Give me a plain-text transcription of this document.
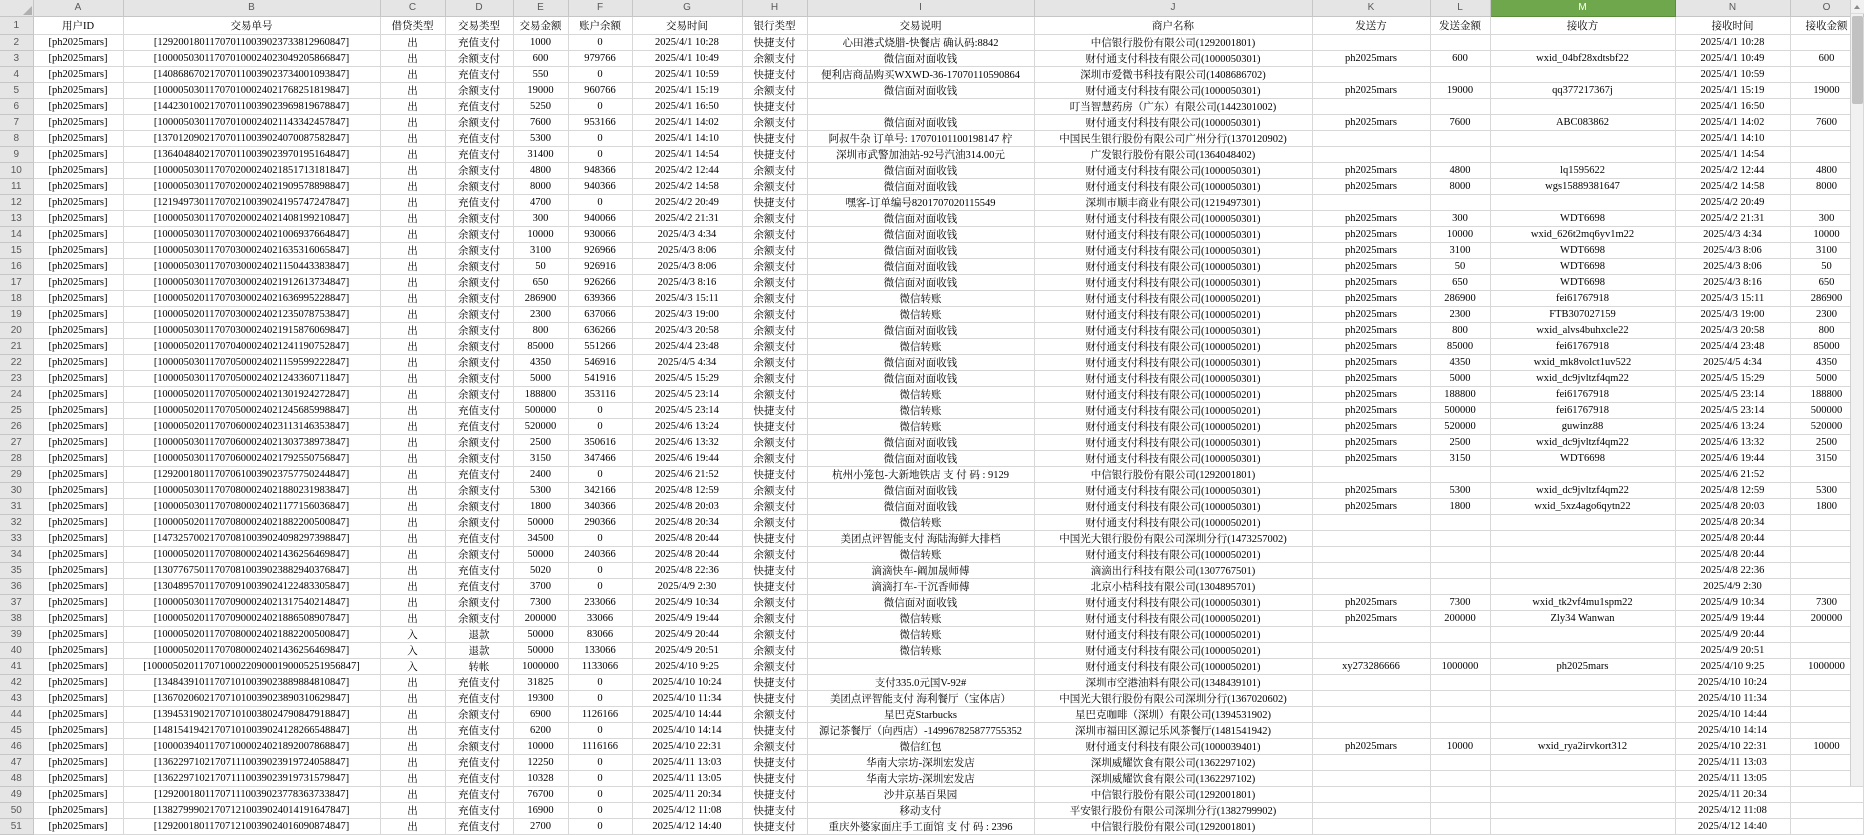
	A	B	C	D	E	F	G	H	I	J	K	L	M	N	O
1	用户ID	交易单号	借贷类型	交易类型	交易金额	账户余额	交易时间	银行类型	交易说明	商户名称	发送方	发送金额	接收方	接收时间	接收金额
2	[ph2025mars]	[129200180117070110039023733812960847]	出	充值支付	1000	0	2025/4/1 10:28	快捷支付	心田港式烧腊-快餐店 确认码:8842	中信银行股份有限公司(1292001801)				2025/4/1 10:28	
3	[ph2025mars]	[100005030117070100024023049205866847]	出	余额支付	600	979766	2025/4/1 10:49	余额支付	微信面对面收钱	财付通支付科技有限公司(1000050301)	ph2025mars	600	wxid_04bf28xdtsbf22	2025/4/1 10:49	600
4	[ph2025mars]	[140868670217070110039023734001093847]	出	充值支付	550	0	2025/4/1 10:59	快捷支付	便利店商品购买WXWD-36-17070110590864	深圳市爱微书科技有限公司(1408686702)				2025/4/1 10:59	
5	[ph2025mars]	[100005030117070100024021768251819847]	出	余额支付	19000	960766	2025/4/1 15:19	余额支付	微信面对面收钱	财付通支付科技有限公司(1000050301)	ph2025mars	19000	qq377217367j	2025/4/1 15:19	19000
6	[ph2025mars]	[144230100217070110039023969819678847]	出	充值支付	5250	0	2025/4/1 16:50	快捷支付		叮当智慧药房（广东）有限公司(1442301002)				2025/4/1 16:50	
7	[ph2025mars]	[100005030117070100024021143342457847]	出	余额支付	7600	953166	2025/4/1 14:02	余额支付	微信面对面收钱	财付通支付科技有限公司(1000050301)	ph2025mars	7600	ABC083862	2025/4/1 14:02	7600
8	[ph2025mars]	[137012090217070110039024070087582847]	出	充值支付	5300	0	2025/4/1 14:10	快捷支付	阿叔牛杂 订单号: 17070101100198147 柠	中国民生银行股份有限公司广州分行(1370120902)				2025/4/1 14:10	
9	[ph2025mars]	[136404840217070110039023970195164847]	出	充值支付	31400	0	2025/4/1 14:54	快捷支付	深圳市武警加油站-92号汽油314.00元	广发银行股份有限公司(1364048402)				2025/4/1 14:54	
10	[ph2025mars]	[100005030117070200024021851713181847]	出	余额支付	4800	948366	2025/4/2 12:44	余额支付	微信面对面收钱	财付通支付科技有限公司(1000050301)	ph2025mars	4800	lq1595622	2025/4/2 12:44	4800
11	[ph2025mars]	[100005030117070200024021909578898847]	出	余额支付	8000	940366	2025/4/2 14:58	余额支付	微信面对面收钱	财付通支付科技有限公司(1000050301)	ph2025mars	8000	wgs15889381647	2025/4/2 14:58	8000
12	[ph2025mars]	[121949730117070210039024195747247847]	出	充值支付	4700	0	2025/4/2 20:49	快捷支付	嘿客-订单编号8201707020115549	深圳市顺丰商业有限公司(1219497301)				2025/4/2 20:49	
13	[ph2025mars]	[100005030117070200024021408199210847]	出	余额支付	300	940066	2025/4/2 21:31	余额支付	微信面对面收钱	财付通支付科技有限公司(1000050301)	ph2025mars	300	WDT6698	2025/4/2 21:31	300
14	[ph2025mars]	[100005030117070300024021006937664847]	出	余额支付	10000	930066	2025/4/3 4:34	余额支付	微信面对面收钱	财付通支付科技有限公司(1000050301)	ph2025mars	10000	wxid_626t2mq6yv1m22	2025/4/3 4:34	10000
15	[ph2025mars]	[100005030117070300024021635316065847]	出	余额支付	3100	926966	2025/4/3 8:06	余额支付	微信面对面收钱	财付通支付科技有限公司(1000050301)	ph2025mars	3100	WDT6698	2025/4/3 8:06	3100
16	[ph2025mars]	[100005030117070300024021150443383847]	出	余额支付	50	926916	2025/4/3 8:06	余额支付	微信面对面收钱	财付通支付科技有限公司(1000050301)	ph2025mars	50	WDT6698	2025/4/3 8:06	50
17	[ph2025mars]	[100005030117070300024021912613734847]	出	余额支付	650	926266	2025/4/3 8:16	余额支付	微信面对面收钱	财付通支付科技有限公司(1000050301)	ph2025mars	650	WDT6698	2025/4/3 8:16	650
18	[ph2025mars]	[100005020117070300024021636995228847]	出	余额支付	286900	639366	2025/4/3 15:11	余额支付	微信转账	财付通支付科技有限公司(1000050201)	ph2025mars	286900	fei61767918	2025/4/3 15:11	286900
19	[ph2025mars]	[100005020117070300024021235078753847]	出	余额支付	2300	637066	2025/4/3 19:00	余额支付	微信转账	财付通支付科技有限公司(1000050201)	ph2025mars	2300	FTB307027159	2025/4/3 19:00	2300
20	[ph2025mars]	[100005030117070300024021915876069847]	出	余额支付	800	636266	2025/4/3 20:58	余额支付	微信面对面收钱	财付通支付科技有限公司(1000050301)	ph2025mars	800	wxid_alvs4buhxcle22	2025/4/3 20:58	800
21	[ph2025mars]	[100005020117070400024021241190752847]	出	余额支付	85000	551266	2025/4/4 23:48	余额支付	微信转账	财付通支付科技有限公司(1000050201)	ph2025mars	85000	fei61767918	2025/4/4 23:48	85000
22	[ph2025mars]	[100005030117070500024021159599222847]	出	余额支付	4350	546916	2025/4/5 4:34	余额支付	微信面对面收钱	财付通支付科技有限公司(1000050301)	ph2025mars	4350	wxid_mk8volct1uv522	2025/4/5 4:34	4350
23	[ph2025mars]	[100005030117070500024021243360711847]	出	余额支付	5000	541916	2025/4/5 15:29	余额支付	微信面对面收钱	财付通支付科技有限公司(1000050301)	ph2025mars	5000	wxid_dc9jvltzf4qm22	2025/4/5 15:29	5000
24	[ph2025mars]	[100005020117070500024021301924272847]	出	余额支付	188800	353116	2025/4/5 23:14	余额支付	微信转账	财付通支付科技有限公司(1000050201)	ph2025mars	188800	fei61767918	2025/4/5 23:14	188800
25	[ph2025mars]	[100005020117070500024021245685998847]	出	充值支付	500000	0	2025/4/5 23:14	快捷支付	微信转账	财付通支付科技有限公司(1000050201)	ph2025mars	500000	fei61767918	2025/4/5 23:14	500000
26	[ph2025mars]	[100005020117070600024023113146353847]	出	充值支付	520000	0	2025/4/6 13:24	快捷支付	微信转账	财付通支付科技有限公司(1000050201)	ph2025mars	520000	guwinz88	2025/4/6 13:24	520000
27	[ph2025mars]	[100005030117070600024021303738973847]	出	余额支付	2500	350616	2025/4/6 13:32	余额支付	微信面对面收钱	财付通支付科技有限公司(1000050301)	ph2025mars	2500	wxid_dc9jvltzf4qm22	2025/4/6 13:32	2500
28	[ph2025mars]	[100005030117070600024021792550756847]	出	余额支付	3150	347466	2025/4/6 19:44	余额支付	微信面对面收钱	财付通支付科技有限公司(1000050301)	ph2025mars	3150	WDT6698	2025/4/6 19:44	3150
29	[ph2025mars]	[129200180117070610039023757750244847]	出	充值支付	2400	0	2025/4/6 21:52	快捷支付	杭州小笼包-大新地铁店 支 付 码 : 9129	中信银行股份有限公司(1292001801)				2025/4/6 21:52	
30	[ph2025mars]	[100005030117070800024021880231983847]	出	余额支付	5300	342166	2025/4/8 12:59	余额支付	微信面对面收钱	财付通支付科技有限公司(1000050301)	ph2025mars	5300	wxid_dc9jvltzf4qm22	2025/4/8 12:59	5300
31	[ph2025mars]	[100005030117070800024021177156036847]	出	余额支付	1800	340366	2025/4/8 20:03	余额支付	微信面对面收钱	财付通支付科技有限公司(1000050301)	ph2025mars	1800	wxid_5xz4ago6qytn22	2025/4/8 20:03	1800
32	[ph2025mars]	[100005020117070800024021882200500847]	出	余额支付	50000	290366	2025/4/8 20:34	余额支付	微信转账	财付通支付科技有限公司(1000050201)				2025/4/8 20:34	
33	[ph2025mars]	[147325700217070810039024098297398847]	出	充值支付	34500	0	2025/4/8 20:44	快捷支付	美团点评智能支付 海陆海鲜大排档	中国光大银行股份有限公司深圳分行(1473257002)				2025/4/8 20:44	
34	[ph2025mars]	[100005020117070800024021436256469847]	出	余额支付	50000	240366	2025/4/8 20:44	余额支付	微信转账	财付通支付科技有限公司(1000050201)				2025/4/8 20:44	
35	[ph2025mars]	[130776750117070810039023882940376847]	出	充值支付	5020	0	2025/4/8 22:36	快捷支付	滴滴快车-阚加晟师傅	滴滴出行科技有限公司(1307767501)				2025/4/8 22:36	
36	[ph2025mars]	[130489570117070910039024122483305847]	出	充值支付	3700	0	2025/4/9 2:30	快捷支付	滴滴打车-干沉香师傅	北京小桔科技有限公司(1304895701)				2025/4/9 2:30	
37	[ph2025mars]	[100005030117070900024021317540214847]	出	余额支付	7300	233066	2025/4/9 10:34	余额支付	微信面对面收钱	财付通支付科技有限公司(1000050301)	ph2025mars	7300	wxid_tk2vf4mu1spm22	2025/4/9 10:34	7300
38	[ph2025mars]	[100005020117070900024021886508907847]	出	余额支付	200000	33066	2025/4/9 19:44	余额支付	微信转账	财付通支付科技有限公司(1000050201)	ph2025mars	200000	Zly34 Wanwan	2025/4/9 19:44	200000
39	[ph2025mars]	[100005020117070800024021882200500847]	入	退款	50000	83066	2025/4/9 20:44	余额支付	微信转账	财付通支付科技有限公司(1000050201)				2025/4/9 20:44	
40	[ph2025mars]	[100005020117070800024021436256469847]	入	退款	50000	133066	2025/4/9 20:51	余额支付	微信转账	财付通支付科技有限公司(1000050201)				2025/4/9 20:51	
41	[ph2025mars]	[1000050201170710002209000190005251956847]	入	转帐	1000000	1133066	2025/4/10 9:25	余额支付		财付通支付科技有限公司(1000050201)	xy273286666	1000000	ph2025mars	2025/4/10 9:25	1000000
42	[ph2025mars]	[134843910117071010039023889884810847]	出	充值支付	31825	0	2025/4/10 10:24	快捷支付	支付335.0元国V-92#	深圳市空港油料有限公司(1348439101)				2025/4/10 10:24	
43	[ph2025mars]	[136702060217071010039023890310629847]	出	充值支付	19300	0	2025/4/10 11:34	快捷支付	美团点评智能支付 海利餐厅（宝体店）	中国光大银行股份有限公司深圳分行(1367020602)				2025/4/10 11:34	
44	[ph2025mars]	[139453190217071010038024790847918847]	出	余额支付	6900	1126166	2025/4/10 14:44	余额支付	星巴克Starbucks	星巴克咖啡（深圳）有限公司(1394531902)				2025/4/10 14:44	
45	[ph2025mars]	[148154194217071010039024128266548847]	出	充值支付	6200	0	2025/4/10 14:14	快捷支付	源记茶餐厅（向西店）-149967825877755352	深圳市福田区源记乐风茶餐厅(1481541942)				2025/4/10 14:14	
46	[ph2025mars]	[100003940117071000024021892007868847]	出	余额支付	10000	1116166	2025/4/10 22:31	余额支付	微信红包	财付通支付科技有限公司(1000039401)	ph2025mars	10000	wxid_rya2irvkort312	2025/4/10 22:31	10000
47	[ph2025mars]	[136229710217071110039023919724058847]	出	充值支付	12250	0	2025/4/11 13:03	快捷支付	华南大宗坊-深圳宏发店	深圳威耀饮食有限公司(1362297102)				2025/4/11 13:03	
48	[ph2025mars]	[136229710217071110039023919731579847]	出	充值支付	10328	0	2025/4/11 13:05	快捷支付	华南大宗坊-深圳宏发店	深圳威耀饮食有限公司(1362297102)				2025/4/11 13:05	
49	[ph2025mars]	[129200180117071110039023778363733847]	出	充值支付	76700	0	2025/4/11 20:34	快捷支付	沙井京基百果园	中信银行股份有限公司(1292001801)				2025/4/11 20:34	
50	[ph2025mars]	[138279990217071210039024014191647847]	出	充值支付	16900	0	2025/4/12 11:08	快捷支付	移动支付	平安银行股份有限公司深圳分行(1382799902)				2025/4/12 11:08	
51	[ph2025mars]	[129200180117071210039024016090874847]	出	充值支付	2700	0	2025/4/12 14:40	快捷支付	重庆外婆家面庄手工面馆 支 付 码 : 2396	中信银行股份有限公司(1292001801)				2025/4/12 14:40	
